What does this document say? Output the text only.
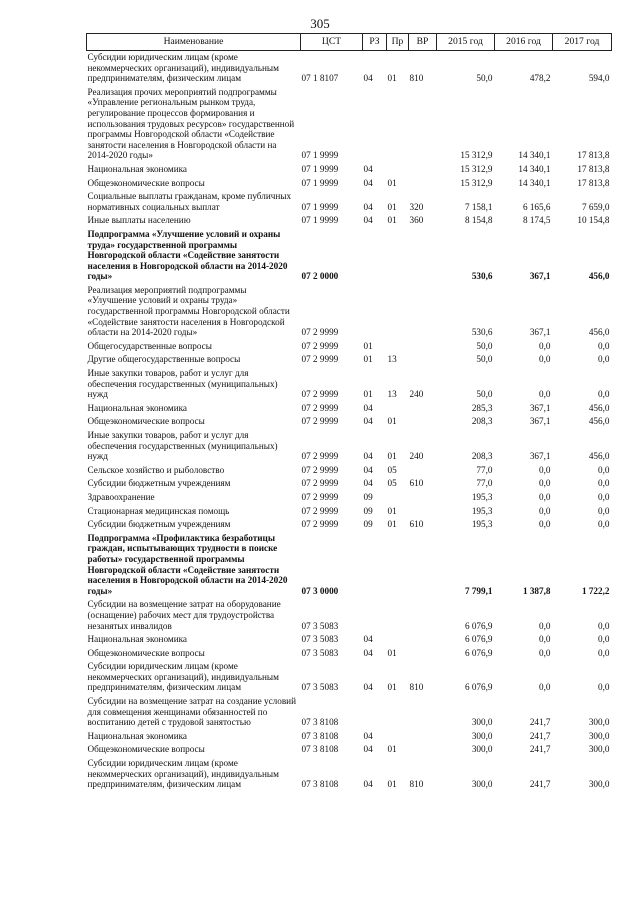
305
Наименование	ЦСТ	РЗ	Пр	ВР	2015 год	2016 год	2017 год
Субсидии юридическим лицам (кроме некоммерческих организаций), индивидуальным предпринимателям, физическим лицам	07 1 8107	04	01	810	50,0	478,2	594,0
Реализация прочих мероприятий подпрограммы «Управление региональным рынком труда, регулирование процессов формирования и использования трудовых ресурсов» государственной программы Новгородской области «Содействие занятости населения в Новгородской области на 2014-2020 годы»	07 1 9999				15 312,9	14 340,1	17 813,8
Национальная экономика	07 1 9999	04			15 312,9	14 340,1	17 813,8
Общеэкономические вопросы	07 1 9999	04	01		15 312,9	14 340,1	17 813,8
Социальные выплаты гражданам, кроме публичных нормативных социальных выплат	07 1 9999	04	01	320	7 158,1	6 165,6	7 659,0
Иные выплаты населению	07 1 9999	04	01	360	8 154,8	8 174,5	10 154,8
Подпрограмма «Улучшение условий и охраны труда» государственной программы Новгородской области «Содействие занятости населения в Новгородской области на 2014-2020 годы»	07 2 0000				530,6	367,1	456,0
Реализация мероприятий подпрограммы «Улучшение условий и охраны труда» государственной программы Новгородской области «Содействие занятости населения в Новгородской области на 2014-2020 годы»	07 2 9999				530,6	367,1	456,0
Общегосударственные вопросы	07 2 9999	01			50,0	0,0	0,0
Другие общегосударственные вопросы	07 2 9999	01	13		50,0	0,0	0,0
Иные закупки товаров, работ и услуг для обеспечения государственных (муниципальных) нужд	07 2 9999	01	13	240	50,0	0,0	0,0
Национальная экономика	07 2 9999	04			285,3	367,1	456,0
Общеэкономические вопросы	07 2 9999	04	01		208,3	367,1	456,0
Иные закупки товаров, работ и услуг для обеспечения государственных (муниципальных) нужд	07 2 9999	04	01	240	208,3	367,1	456,0
Сельское хозяйство и рыболовство	07 2 9999	04	05		77,0	0,0	0,0
Субсидии бюджетным учреждениям	07 2 9999	04	05	610	77,0	0,0	0,0
Здравоохранение	07 2 9999	09			195,3	0,0	0,0
Стационарная медицинская помощь	07 2 9999	09	01		195,3	0,0	0,0
Субсидии бюджетным учреждениям	07 2 9999	09	01	610	195,3	0,0	0,0
Подпрограмма «Профилактика безработицы граждан, испытывающих трудности в поиске работы» государственной программы Новгородской области «Содействие занятости населения в Новгородской области на 2014-2020 годы»	07 3 0000				7 799,1	1 387,8	1 722,2
Субсидии на возмещение затрат на оборудование (оснащение) рабочих мест для трудоустройства незанятых инвалидов	07 3 5083				6 076,9	0,0	0,0
Национальная экономика	07 3 5083	04			6 076,9	0,0	0,0
Общеэкономические вопросы	07 3 5083	04	01		6 076,9	0,0	0,0
Субсидии юридическим лицам (кроме некоммерческих организаций), индивидуальным предпринимателям, физическим лицам	07 3 5083	04	01	810	6 076,9	0,0	0,0
Субсидии на возмещение затрат на создание условий для совмещения женщинами обязанностей по воспитанию детей с трудовой занятостью	07 3 8108				300,0	241,7	300,0
Национальная экономика	07 3 8108	04			300,0	241,7	300,0
Общеэкономические вопросы	07 3 8108	04	01		300,0	241,7	300,0
Субсидии юридическим лицам (кроме некоммерческих организаций), индивидуальным предпринимателям, физическим лицам	07 3 8108	04	01	810	300,0	241,7	300,0
